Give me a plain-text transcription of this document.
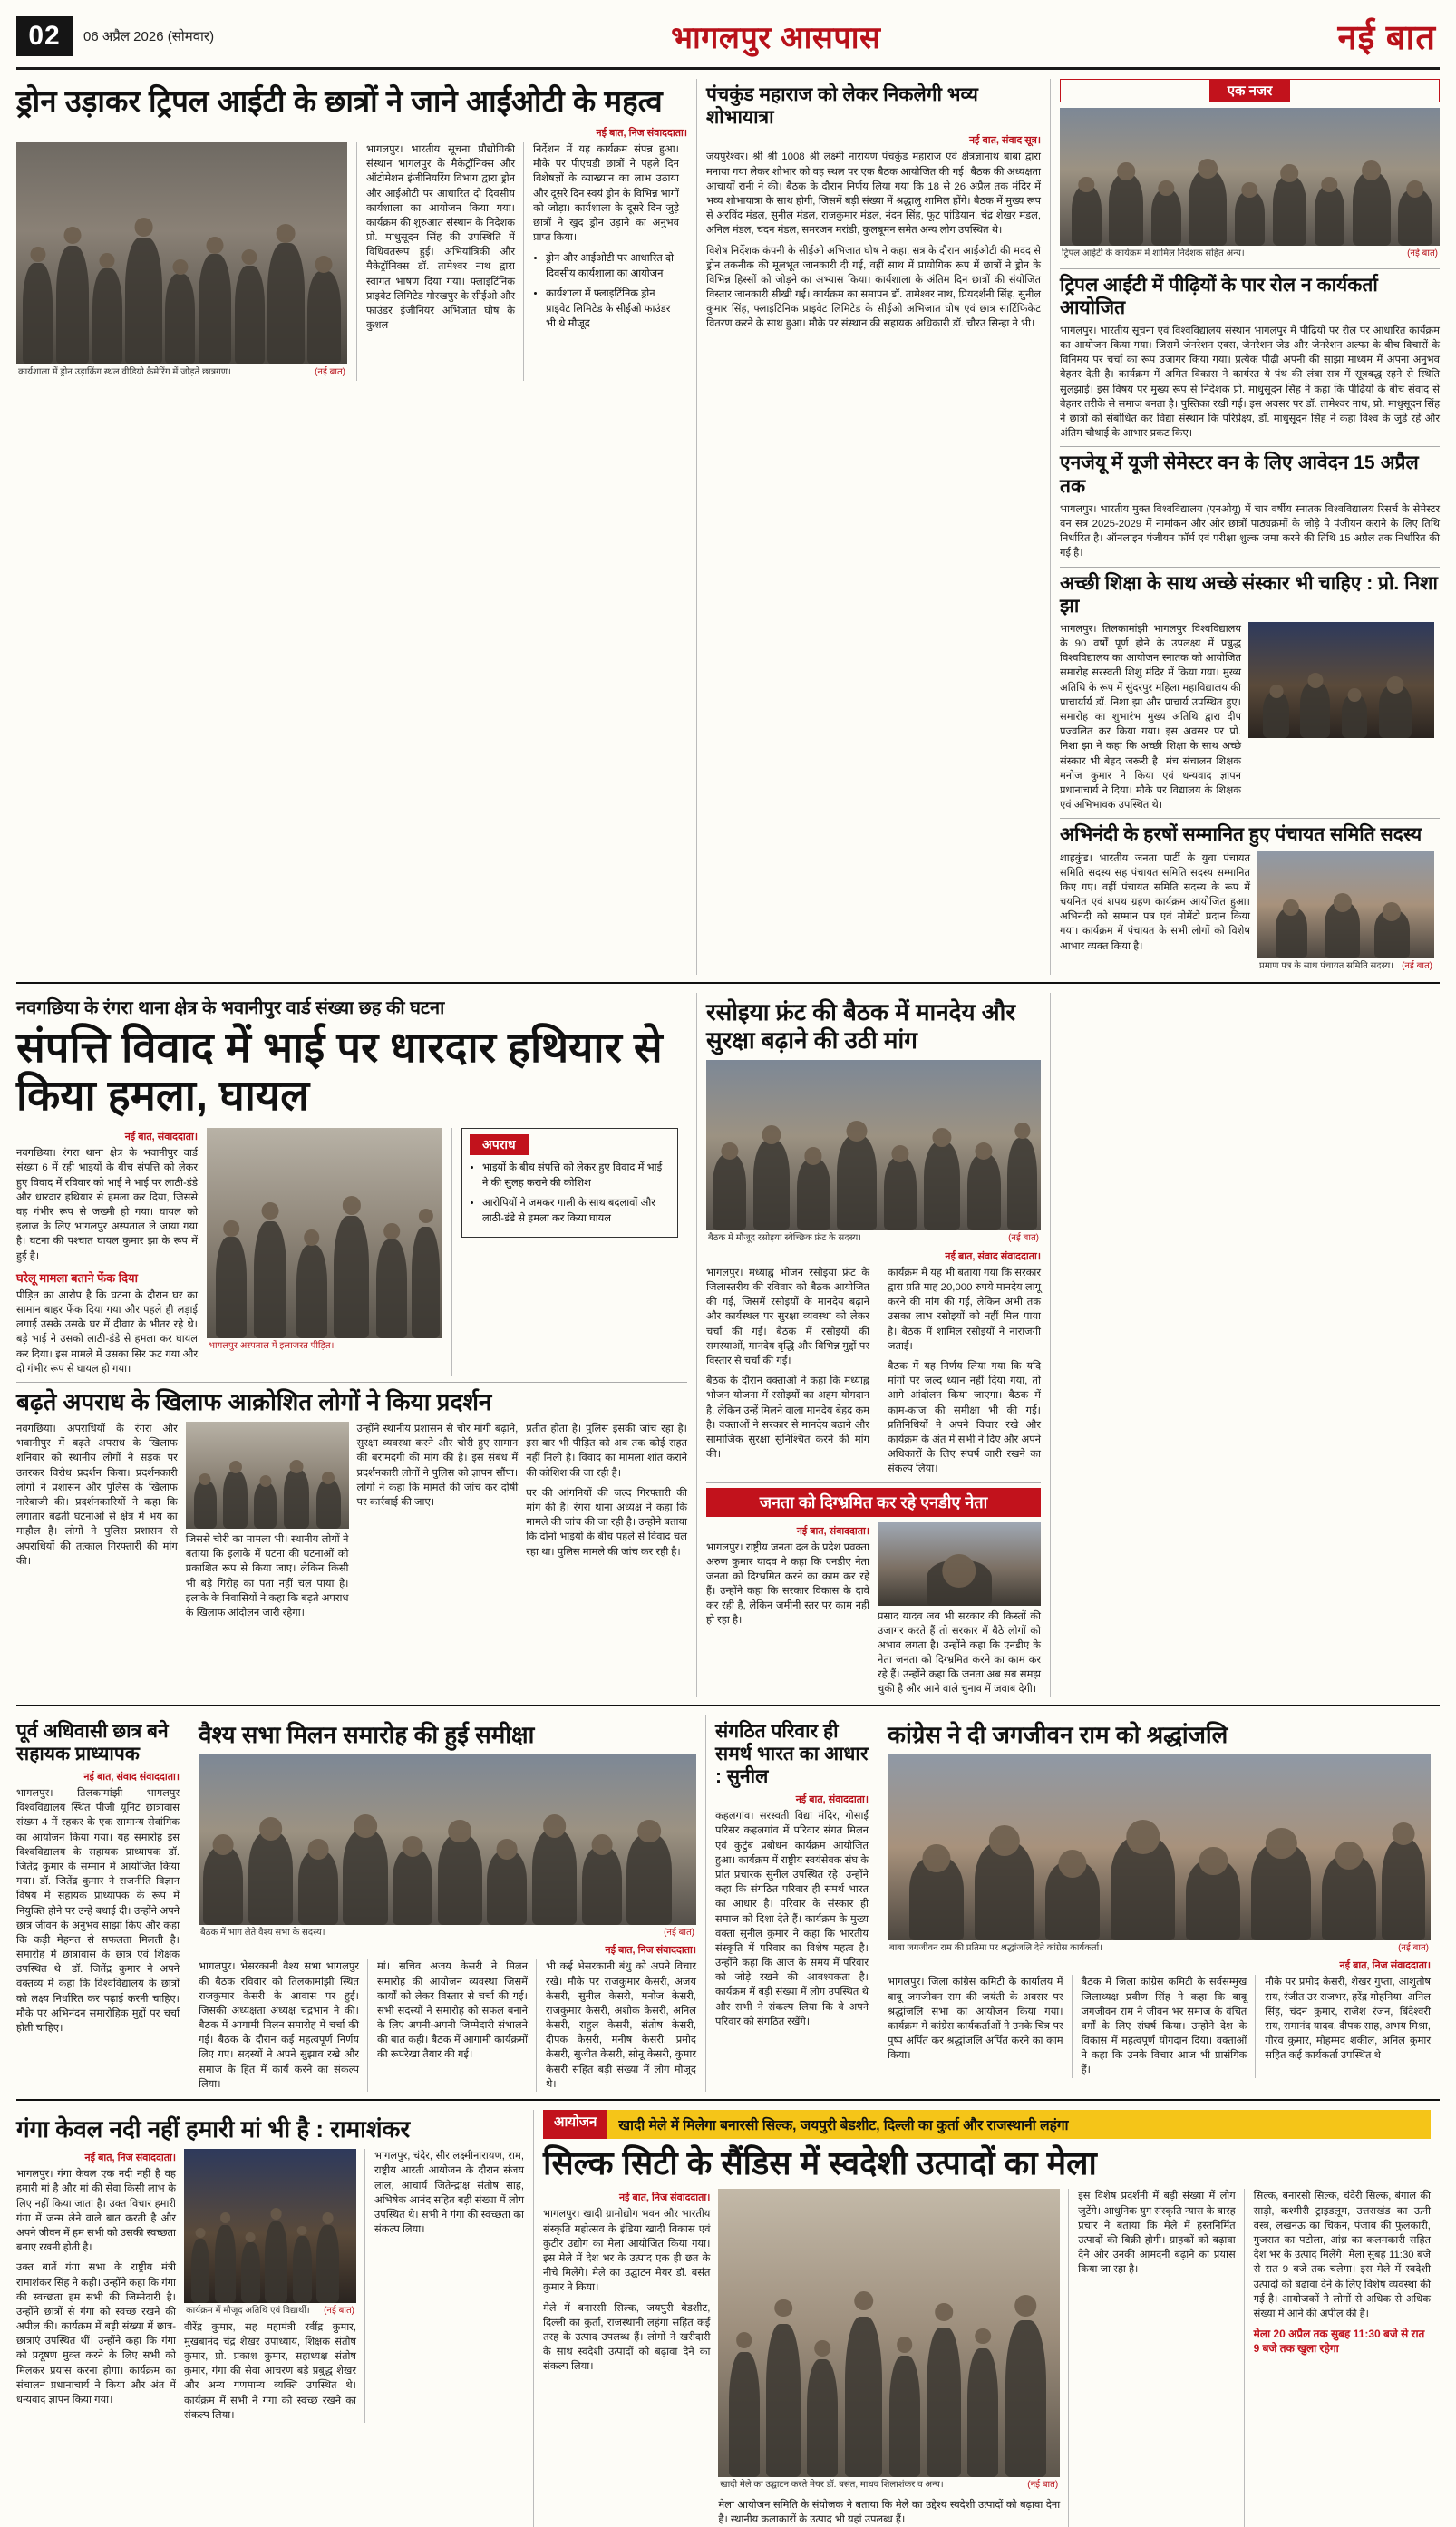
02	06 अप्रैल 2026 (सोमवार)	भागलपुर आसपास	नई बात
ड्रोन उड़ाकर ट्रिपल आईटी के छात्रों ने जाने आईओटी के महत्व
नई बात, निज संवाददाता।
कार्यशाला में ड्रोन उड़ाकिंग स्थल वीडियो कैमेरिंग में जोड़ते छात्रगण।	(नई बात)
भागलपुर। भारतीय सूचना प्रौद्योगिकी संस्थान भागलपुर के मैकेट्रॉनिक्स और ऑटोमेशन इंजीनियरिंग विभाग द्वारा ड्रोन और आईओटी पर आधारित दो दिवसीय कार्यशाला का आयोजन किया गया। कार्यक्रम की शुरुआत संस्थान के निदेशक प्रो. माधुसूदन सिंह की उपस्थिति में विधिवतरूप हुई। अभियांत्रिकी और मैकेट्रॉनिक्स डॉ. तामेश्वर नाथ द्वारा स्वागत भाषण दिया गया। फ्लाइटिंनिक प्राइवेट लिमिटेड गोरखपुर के सीईओ और फाउंडर इंजीनियर अभिजात घोष के कुशल
निर्देशन में यह कार्यक्रम संपन्न हुआ। मौके पर पीएचडी छात्रों ने पहले दिन विशेषज्ञों के व्याख्यान का लाभ उठाया और दूसरे दिन स्वयं ड्रोन के विभिन्न भागों को जोड़ा। कार्यशाला के दूसरे दिन जुड़े छात्रों ने खुद ड्रोन उड़ाने का अनुभव प्राप्त किया।
• ड्रोन और आईओटी पर आधारित दो दिवसीय कार्यशाला का आयोजन
• कार्यशाला में फ्लाइटिंनिक ड्रोन प्राइवेट लिमिटेड के सीईओ फाउंडर भी थे मौजूद
पंचकुंड महाराज को लेकर निकलेगी भव्य शोभायात्रा
नई बात, संवाद सूत्र।
जयपुरेश्वर। श्री श्री 1008 श्री लक्ष्मी नारायण पंचकुंड महाराज एवं क्षेत्रज्ञानाथ बाबा द्वारा मनाया गया लेकर शोभार को वह स्थल पर एक बैठक आयोजित की गई। बैठक की अध्यक्षता आचार्यों रानी ने की। बैठक के दौरान निर्णय लिया गया कि 18 से 26 अप्रैल तक मंदिर में भव्य शोभायात्रा के साथ होगी, जिसमें बड़ी संख्या में श्रद्धालु शामिल होंगे। बैठक में मुख्य रूप से अरविंद मंडल, सुनील मंडल, राजकुमार मंडल, नंदन सिंह, फूट पांडियान, चंद्र शेखर मंडल, अनिल मंडल, चंदन मंडल, समरजन मरांडी, कुलबूमन समेत अन्य लोग उपस्थित थे।
विशेष निर्देशक कंपनी के सीईओ अभिजात घोष ने कहा, सत्र के दौरान आईओटी की मदद से ड्रोन तकनीक की मूलभूत जानकारी दी गई, वहीं साथ में प्रायोगिक रूप में छात्रों ने ड्रोन के विभिन्न हिस्सों को जोड़ने का अभ्यास किया। कार्यशाला के अंतिम दिन छात्रों की संयोजित विस्तार जानकारी सीखी गई। कार्यक्रम का समापन डॉ. तामेश्वर नाथ, प्रियदर्शनी सिंह, सुनील कुमार सिंह, फ्लाइटिंनिक प्राइवेट लिमिटेड के सीईओ अभिजात घोष एवं छात्र सार्टिफिकेट वितरण करने के साथ हुआ। मौके पर संस्थान की सहायक अधिकारी डॉ. चौरउ सिन्हा ने भी।
एक नजर
ट्रिपल आईटी के कार्यक्रम में शामिल निदेशक सहित अन्य।	(नई बात)
ट्रिपल आईटी में पीढ़ियों के पार रोल न कार्यकर्ता आयोजित
भागलपुर। भारतीय सूचना एवं विश्वविद्यालय संस्थान भागलपुर में पीढ़ियों पर रोल पर आधारित कार्यक्रम का आयोजन किया गया। जिसमें जेनरेशन एक्स, जेनरेशन जेड और जेनरेशन अल्फा के बीच विचारों के विनिमय पर चर्चा का रूप उजागर किया गया। प्रत्येक पीढ़ी अपनी की साझा माध्यम में अपना अनुभव बेहतर देती है। कार्यक्रम में अमित विकास ने कार्यरत ये पंथ की लंबा सत्र में सूत्रबद्ध रहने से स्थिति सुलझाई। इस विषय पर मुख्य रूप से निदेशक प्रो. माधुसूदन सिंह ने कहा कि पीढ़ियों के बीच संवाद से बेहतर तरीके से समाज बनता है। पुस्तिका रखी गई। इस अवसर पर डॉ. तामेश्वर नाथ, प्रो. माधुसूदन सिंह ने छात्रों को संबोधित कर विद्या संस्थान कि परिप्रेक्ष्य, डॉ. माधुसूदन सिंह ने कहा विश्व के जुड़े रहें और अंतिम चौथाई के आभार प्रकट किए।
एनजेयू में यूजी सेमेस्टर वन के लिए आवेदन 15 अप्रैल तक
भागलपुर। भारतीय मुक्त विश्वविद्यालय (एनओयू) में चार वर्षीय स्नातक विश्वविद्यालय रिसर्च के सेमेस्टर वन सत्र 2025-2029 में नामांकन और ओर छात्रों पाठ्यक्रमों के जोड़े पे पंजीयन कराने के लिए तिथि निर्धारित है। ऑनलाइन पंजीयन फॉर्म एवं परीक्षा शुल्क जमा करने की तिथि 15 अप्रैल तक निर्धारित की गई है।
अच्छी शिक्षा के साथ अच्छे संस्कार भी चाहिए : प्रो. निशा झा
भागलपुर। तिलकामांझी भागलपुर विश्वविद्यालय के 90 वर्षों पूर्ण होने के उपलक्ष्य में प्रबुद्ध विश्वविद्यालय का आयोजन स्नातक को आयोजित समारोह सरस्वती शिशु मंदिर में किया गया। मुख्य अतिथि के रूप में सुंदरपुर महिला महाविद्यालय की प्राचार्यार्य डॉ. निशा झा और प्राचार्य उपस्थित हुए। समारोह का शुभारंभ मुख्य अतिथि द्वारा दीप प्रज्वलित कर किया गया। इस अवसर पर प्रो. निशा झा ने कहा कि अच्छी शिक्षा के साथ अच्छे संस्कार भी बेहद जरूरी है। मंच संचालन शिक्षक मनोज कुमार ने किया एवं धन्यवाद ज्ञापन प्रधानाचार्य ने दिया। मौके पर विद्यालय के शिक्षक एवं अभिभावक उपस्थित थे।
अभिनंदी के हरषों सम्मानित हुए पंचायत समिति सदस्य
शाहकुंड। भारतीय जनता पार्टी के युवा पंचायत समिति सदस्य सह पंचायत समिति सदस्य सम्मानित किए गए। वहीं पंचायत समिति सदस्य के रूप में चयनित एवं शपथ ग्रहण कार्यक्रम आयोजित हुआ। अभिनंदी को सम्मान पत्र एवं मोमेंटो प्रदान किया गया। कार्यक्रम में पंचायत के सभी लोगों को विशेष आभार व्यक्त किया है।
प्रमाण पत्र के साथ पंचायत समिति सदस्य। (नई बात)
नवगछिया के रंगरा थाना क्षेत्र के भवानीपुर वार्ड संख्या छह की घटना
संपत्ति विवाद में भाई पर धारदार हथियार से किया हमला, घायल
नई बात, संवाददाता।
नवगछिया। रंगरा थाना क्षेत्र के भवानीपुर वार्ड संख्या 6 में रही भाइयों के बीच संपत्ति को लेकर हुए विवाद में रविवार को भाई ने भाई पर लाठी-डंडे और धारदार हथियार से हमला कर दिया, जिससे वह गंभीर रूप से जख्मी हो गया। घायल को इलाज के लिए भागलपुर अस्पताल ले जाया गया है। घटना की पश्चात घायल कुमार झा के रूप में हुई है।
घरेलू मामला बताने फेंक दिया
पीड़ित का आरोप है कि घटना के दौरान घर का सामान बाहर फेंक दिया गया और पहले ही लड़ाई लगाई उसके उसके घर में दीवार के भीतर रहे थे। बड़े भाई ने उसको लाठी-डंडे से हमला कर घायल कर दिया। इस मामले में उसका सिर फट गया और दो गंभीर रूप से घायल हो गया।
भागलपुर अस्पताल में इलाजरत पीड़ित।
अपराध
• भाइयों के बीच संपत्ति को लेकर हुए विवाद में भाई ने की सुलह कराने की कोशिश
• आरोपियों ने जमकर गाली के साथ बदलावों और लाठी-डंडे से हमला कर किया घायल
बढ़ते अपराध के खिलाफ आक्रोशित लोगों ने किया प्रदर्शन
नवगछिया। अपराधियों के रंगरा और भवानीपुर में बढ़ते अपराध के खिलाफ शनिवार को स्थानीय लोगों ने सड़क पर उतरकर विरोध प्रदर्शन किया। प्रदर्शनकारी लोगों ने प्रशासन और पुलिस के खिलाफ नारेबाजी की। प्रदर्शनकारियों ने कहा कि लगातार बढ़ती घटनाओं से क्षेत्र में भय का माहौल है। लोगों ने पुलिस प्रशासन से अपराधियों की तत्काल गिरफ्तारी की मांग की।
जिससे चोरी का मामला भी। स्थानीय लोगों ने बताया कि इलाके में घटना की घटनाओं को प्रकाशित रूप से किया जाए। लेकिन किसी भी बड़े गिरोह का पता नहीं चल पाया है। इलाके के निवासियों ने कहा कि बढ़ते अपराध के खिलाफ आंदोलन जारी रहेगा।
उन्होंने स्थानीय प्रशासन से चोर मांगी बढ़ाने, सुरक्षा व्यवस्था करने और चोरी हुए सामान की बरामदगी की मांग की है। इस संबंध में प्रदर्शनकारी लोगों ने पुलिस को ज्ञापन सौंपा। लोगों ने कहा कि मामले की जांच कर दोषी पर कार्रवाई की जाए।
प्रतीत होता है। पुलिस इसकी जांच रहा है। इस बार भी पीड़ित को अब तक कोई राहत नहीं मिली है। विवाद का मामला शांत कराने की कोशिश की जा रही है।
घर की आंगनियों की जल्द गिरफ्तारी की मांग की है। रंगरा थाना अध्यक्ष ने कहा कि मामले की जांच की जा रही है। उन्होंने बताया कि दोनों भाइयों के बीच पहले से विवाद चल रहा था। पुलिस मामले की जांच कर रही है।
रसोइया फ्रंट की बैठक में मानदेय और सुरक्षा बढ़ाने की उठी मांग
बैठक में मौजूद रसोइया स्वेच्छिक फ्रंट के सदस्य।	(नई बात)
नई बात, संवाद संवाददाता।
भागलपुर। मध्याह्न भोजन रसोइया फ्रंट के जिलास्तरीय की रविवार को बैठक आयोजित की गई, जिसमें रसोइयों के मानदेय बढ़ाने और कार्यस्थल पर सुरक्षा व्यवस्था को लेकर चर्चा की गई। बैठक में रसोइयों की समस्याओं, मानदेय वृद्धि और विभिन्न मुद्दों पर विस्तार से चर्चा की गई।
बैठक के दौरान वक्ताओं ने कहा कि मध्याह्न भोजन योजना में रसोइयों का अहम योगदान है, लेकिन उन्हें मिलने वाला मानदेय बेहद कम है। वक्ताओं ने सरकार से मानदेय बढ़ाने और सामाजिक सुरक्षा सुनिश्चित करने की मांग की।
कार्यक्रम में यह भी बताया गया कि सरकार द्वारा प्रति माह 20,000 रुपये मानदेय लागू करने की मांग की गई, लेकिन अभी तक उसका लाभ रसोइयों को नहीं मिल पाया है। बैठक में शामिल रसोइयों ने नाराजगी जताई।
बैठक में यह निर्णय लिया गया कि यदि मांगों पर जल्द ध्यान नहीं दिया गया, तो आगे आंदोलन किया जाएगा। बैठक में काम-काज की समीक्षा भी की गई। प्रतिनिधियों ने अपने विचार रखे और कार्यक्रम के अंत में सभी ने दिए और अपने अधिकारों के लिए संघर्ष जारी रखने का संकल्प लिया।
जनता को दिग्भ्रमित कर रहे एनडीए नेता
नई बात, संवाददाता।
भागलपुर। राष्ट्रीय जनता दल के प्रदेश प्रवक्ता अरुण कुमार यादव ने कहा कि एनडीए नेता जनता को दिग्भ्रमित करने का काम कर रहे हैं। उन्होंने कहा कि सरकार विकास के दावे कर रही है, लेकिन जमीनी स्तर पर काम नहीं हो रहा है।	प्रसाद यादव जब भी सरकार की किस्तों की उजागर करते हैं तो सरकार में बैठे लोगों को अभाव लगता है। उन्होंने कहा कि एनडीए के नेता जनता को दिग्भ्रमित करने का काम कर रहे हैं। उन्होंने कहा कि जनता अब सब समझ चुकी है और आने वाले चुनाव में जवाब देगी।
पूर्व अधिवासी छात्र बने सहायक प्राध्यापक
नई बात, संवाद संवाददाता।
भागलपुर। तिलकामांझी भागलपुर विश्वविद्यालय स्थित पीजी यूनिट छात्रावास संख्या 4 में रहकर के एक सामान्य सेवांगिक का आयोजन किया गया। यह समारोह इस विश्वविद्यालय के सहायक प्राध्यापक डॉ. जितेंद्र कुमार के सम्मान में आयोजित किया गया। डॉ. जितेंद्र कुमार ने राजनीति विज्ञान विषय में सहायक प्राध्यापक के रूप में नियुक्ति होने पर उन्हें बधाई दी। उन्होंने अपने छात्र जीवन के अनुभव साझा किए और कहा कि कड़ी मेहनत से सफलता मिलती है। समारोह में छात्रावास के छात्र एवं शिक्षक उपस्थित थे। डॉ. जितेंद्र कुमार ने अपने वक्तव्य में कहा कि विश्वविद्यालय के छात्रों को लक्ष्य निर्धारित कर पढ़ाई करनी चाहिए। मौके पर अभिनंदन समारोहिक मुद्दों पर चर्चा होती चाहिए।
वैश्य सभा मिलन समारोह की हुई समीक्षा
बैठक में भाग लेते वैश्य सभा के सदस्य।	(नई बात)
नई बात, निज संवाददाता।
भागलपुर। भेसरकानी वैश्य सभा भागलपुर की बैठक रविवार को तिलकामांझी स्थित राजकुमार केसरी के आवास पर हुई। जिसकी अध्यक्षता अध्यक्ष चंद्रभान ने की। बैठक में आगामी मिलन समारोह में चर्चा की गई। बैठक के दौरान कई महत्वपूर्ण निर्णय लिए गए। सदस्यों ने अपने सुझाव रखे और समाज के हित में कार्य करने का संकल्प लिया।
मां। सचिव अजय केसरी ने मिलन समारोह की आयोजन व्यवस्था जिसमें कार्यों को लेकर विस्तार से चर्चा की गई। सभी सदस्यों ने समारोह को सफल बनाने के लिए अपनी-अपनी जिम्मेदारी संभालने की बात कही। बैठक में आगामी कार्यक्रमों की रूपरेखा तैयार की गई।
भी कई भेसरकानी बंधु को अपने विचार रखे। मौके पर राजकुमार केसरी, अजय केसरी, सुनील केसरी, मनोज केसरी, राजकुमार केसरी, अशोक केसरी, अनिल केसरी, राहुल केसरी, संतोष केसरी, दीपक केसरी, मनीष केसरी, प्रमोद केसरी, सुजीत केसरी, सोनू केसरी, कुमार केसरी सहित बड़ी संख्या में लोग मौजूद थे।
संगठित परिवार ही समर्थ भारत का आधार : सुनील
नई बात, संवाददाता।
कहलगांव। सरस्वती विद्या मंदिर, गोसाईं परिसर कहलगांव में परिवार संगत मिलन एवं कुटुंब प्रबोधन कार्यक्रम आयोजित हुआ। कार्यक्रम में राष्ट्रीय स्वयंसेवक संघ के प्रांत प्रचारक सुनील उपस्थित रहे। उन्होंने कहा कि संगठित परिवार ही समर्थ भारत का आधार है। परिवार के संस्कार ही समाज को दिशा देते हैं। कार्यक्रम के मुख्य वक्ता सुनील कुमार ने कहा कि भारतीय संस्कृति में परिवार का विशेष महत्व है। उन्होंने कहा कि आज के समय में परिवार को जोड़े रखने की आवश्यकता है। कार्यक्रम में बड़ी संख्या में लोग उपस्थित थे और सभी ने संकल्प लिया कि वे अपने परिवार को संगठित रखेंगे।
कांग्रेस ने दी जगजीवन राम को श्रद्धांजलि
बाबा जगजीवन राम की प्रतिमा पर श्रद्धांजलि देते कांग्रेस कार्यकर्ता।	(नई बात)
नई बात, निज संवाददाता।
भागलपुर। जिला कांग्रेस कमिटी के कार्यालय में बाबू जगजीवन राम की जयंती के अवसर पर श्रद्धांजलि सभा का आयोजन किया गया। कार्यक्रम में कांग्रेस कार्यकर्ताओं ने उनके चित्र पर पुष्प अर्पित कर श्रद्धांजलि अर्पित करने का काम किया।
बैठक में जिला कांग्रेस कमिटी के सर्वसम्मुख जिलाध्यक्ष प्रवीण सिंह ने कहा कि बाबू जगजीवन राम ने जीवन भर समाज के वंचित वर्गों के लिए संघर्ष किया। उन्होंने देश के विकास में महत्वपूर्ण योगदान दिया। वक्ताओं ने कहा कि उनके विचार आज भी प्रासंगिक हैं।
मौके पर प्रमोद केसरी, शेखर गुप्ता, आशुतोष राय, रंजीत उर राजभर, हरेंद्र मोहनिया, अनिल सिंह, चंदन कुमार, राजेश रंजन, बिंदेश्वरी राय, रामानंद यादव, दीपक साह, अभय मिश्रा, गौरव कुमार, मोहम्मद शकील, अनिल कुमार सहित कई कार्यकर्ता उपस्थित थे।
गंगा केवल नदी नहीं हमारी मां भी है : रामाशंकर
नई बात, निज संवाददाता।
भागलपुर। गंगा केवल एक नदी नहीं है वह हमारी मां है और मां की सेवा किसी लाभ के लिए नहीं किया जाता है। उक्त विचार हमारी गंगा में जन्म लेने वाले बात करती है और अपने जीवन में हम सभी को उसकी स्वच्छता बनाए रखनी होती है।
उक्त बातें गंगा सभा के राष्ट्रीय मंत्री रामाशंकर सिंह ने कही। उन्होंने कहा कि गंगा की स्वच्छता हम सभी की जिम्मेदारी है। उन्होंने छात्रों से गंगा को स्वच्छ रखने की अपील की। कार्यक्रम में बड़ी संख्या में छात्र-छात्राएं उपस्थित थीं। उन्होंने कहा कि गंगा को प्रदूषण मुक्त करने के लिए सभी को मिलकर प्रयास करना होगा। कार्यक्रम का संचालन प्रधानाचार्य ने किया और अंत में धन्यवाद ज्ञापन किया गया।
कार्यक्रम में मौजूद अतिथि एवं विद्यार्थी। (नई बात)
वीरेंद्र कुमार, सह महामंत्री रवींद्र कुमार, मुखबानंद चंद्र शेखर उपाध्याय, शिक्षक संतोष कुमार, प्रो. प्रकाश कुमार, सहाध्यक्ष संतोष कुमार, गंगा की सेवा आचरण बड़े प्रबुद्ध शेखर और अन्य गणमान्य व्यक्ति उपस्थित थे। कार्यक्रम में सभी ने गंगा को स्वच्छ रखने का संकल्प लिया।
भागलपुर, चंदेर, सीर लक्ष्मीनारायण, राम, राष्ट्रीय आरती आयोजन के दौरान संजय लाल, आचार्य जितेन्द्राक्ष संतोष साह, अभिषेक आनंद सहित बड़ी संख्या में लोग उपस्थित थे। सभी ने गंगा की स्वच्छता का संकल्प लिया।
आयोजन	खादी मेले में मिलेगा बनारसी सिल्क, जयपुरी बेडशीट, दिल्ली का कुर्ता और राजस्थानी लहंगा
सिल्क सिटी के सैंडिस में स्वदेशी उत्पादों का मेला
नई बात, निज संवाददाता।
भागलपुर। खादी ग्रामोद्योग भवन और भारतीय संस्कृति महोत्सव के इंडिया खादी विकास एवं कुटीर उद्योग का मेला आयोजित किया गया। इस मेले में देश भर के उत्पाद एक ही छत के नीचे मिलेंगे। मेले का उद्घाटन मेयर डॉ. बसंत कुमार ने किया।
मेले में बनारसी सिल्क, जयपुरी बेडशीट, दिल्ली का कुर्ता, राजस्थानी लहंगा सहित कई तरह के उत्पाद उपलब्ध हैं। लोगों ने खरीदारी के साथ स्वदेशी उत्पादों को बढ़ावा देने का संकल्प लिया।
खादी मेले का उद्घाटन करते मेयर डॉ. बसंत, माधव शिलाशंकर व अन्य।	(नई बात)
मेला आयोजन समिति के संयोजक ने बताया कि मेले का उद्देश्य स्वदेशी उत्पादों को बढ़ावा देना है। स्थानीय कलाकारों के उत्पाद भी यहां उपलब्ध हैं।
इस विशेष प्रदर्शनी में बड़ी संख्या में लोग जुटेंगे। आधुनिक युग संस्कृति न्यास के बारह प्रचार ने बताया कि मेले में हस्तनिर्मित उत्पादों की बिक्री होगी। ग्राहकों को बढ़ावा देने और उनकी आमदनी बढ़ाने का प्रयास किया जा रहा है।
सिल्क, बनारसी सिल्क, चंदेरी सिल्क, बंगाल की साड़ी, कश्मीरी ट्राइडलूम, उत्तराखंड का ऊनी वस्त्र, लखनऊ का चिकन, पंजाब की फुलकारी, गुजरात का पटोला, आंध्र का कलमकारी सहित देश भर के उत्पाद मिलेंगे। मेला सुबह 11:30 बजे से रात 9 बजे तक चलेगा। इस मेले में स्वदेशी उत्पादों को बढ़ावा देने के लिए विशेष व्यवस्था की गई है। आयोजकों ने लोगों से अधिक से अधिक संख्या में आने की अपील की है।
मेला 20 अप्रैल तक सुबह 11:30 बजे से रात 9 बजे तक खुला रहेगा
